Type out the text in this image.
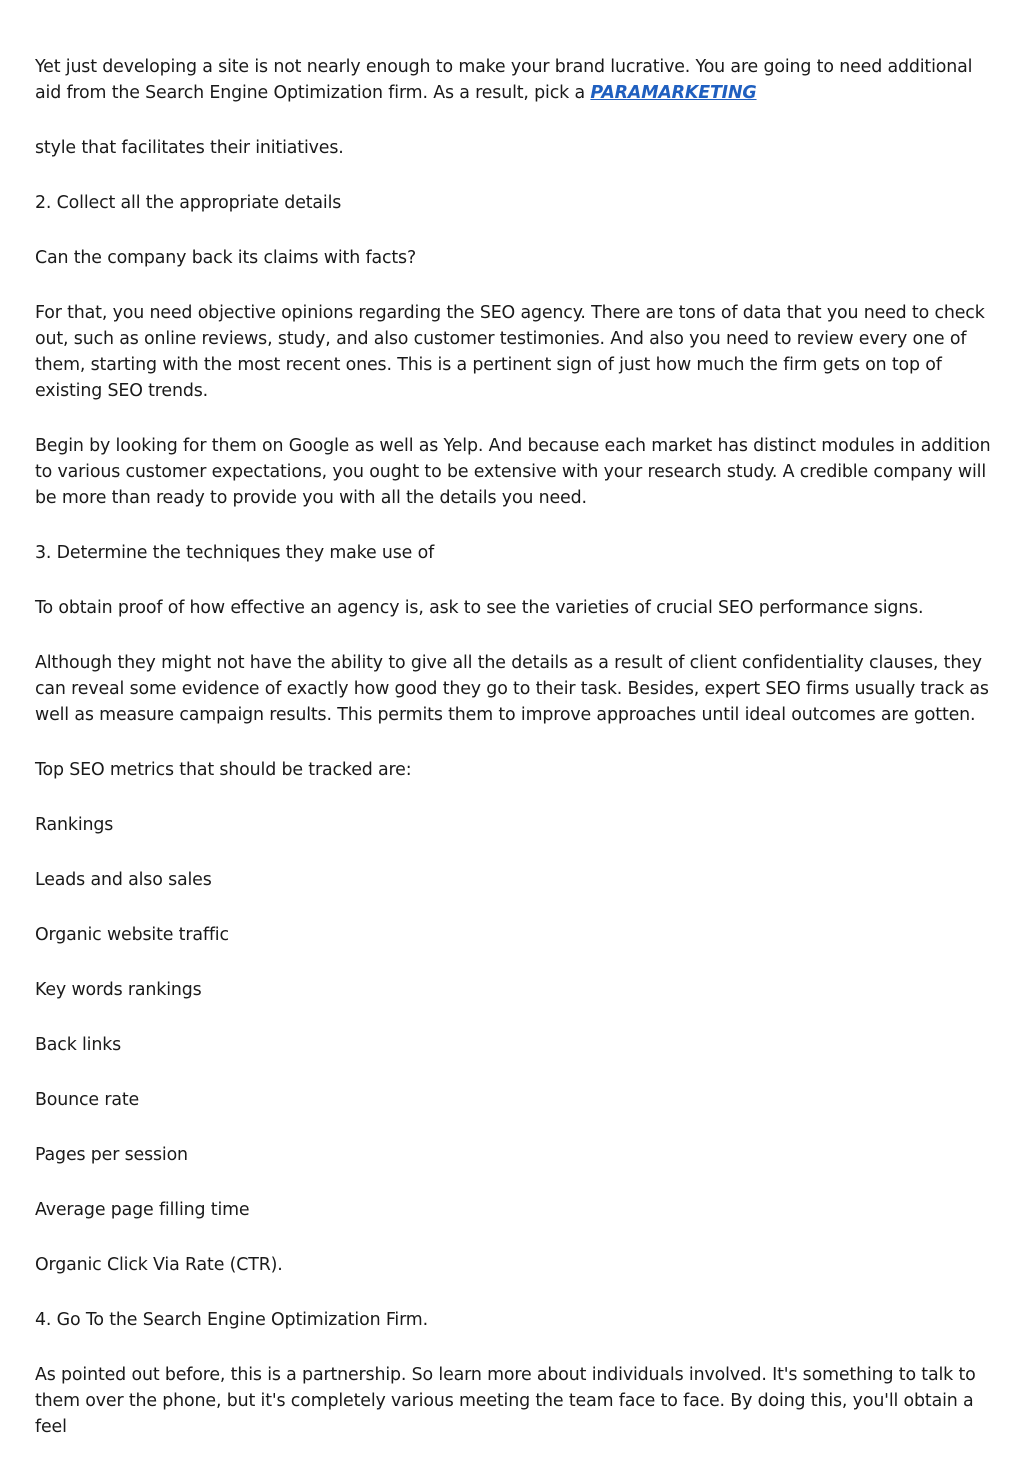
Yet just developing a site is not nearly enough to make your brand lucrative. You are going to need additional aid from the Search Engine Optimization firm. As a result, pick a PARAMARKETING

style that facilitates their initiatives.

2. Collect all the appropriate details

Can the company back its claims with facts?

For that, you need objective opinions regarding the SEO agency. There are tons of data that you need to check out, such as online reviews, study, and also customer testimonies. And also you need to review every one of them, starting with the most recent ones. This is a pertinent sign of just how much the firm gets on top of existing SEO trends.

Begin by looking for them on Google as well as Yelp. And because each market has distinct modules in addition to various customer expectations, you ought to be extensive with your research study. A credible company will be more than ready to provide you with all the details you need.

3. Determine the techniques they make use of

To obtain proof of how effective an agency is, ask to see the varieties of crucial SEO performance signs.

Although they might not have the ability to give all the details as a result of client confidentiality clauses, they can reveal some evidence of exactly how good they go to their task. Besides, expert SEO firms usually track as well as measure campaign results. This permits them to improve approaches until ideal outcomes are gotten.

Top SEO metrics that should be tracked are:

Rankings

Leads and also sales

Organic website traffic

Key words rankings

Back links

Bounce rate

Pages per session

Average page filling time

Organic Click Via Rate (CTR).

4. Go To the Search Engine Optimization Firm.

As pointed out before, this is a partnership. So learn more about individuals involved. It's something to talk to them over the phone, but it's completely various meeting the team face to face. By doing this, you'll obtain a feel
